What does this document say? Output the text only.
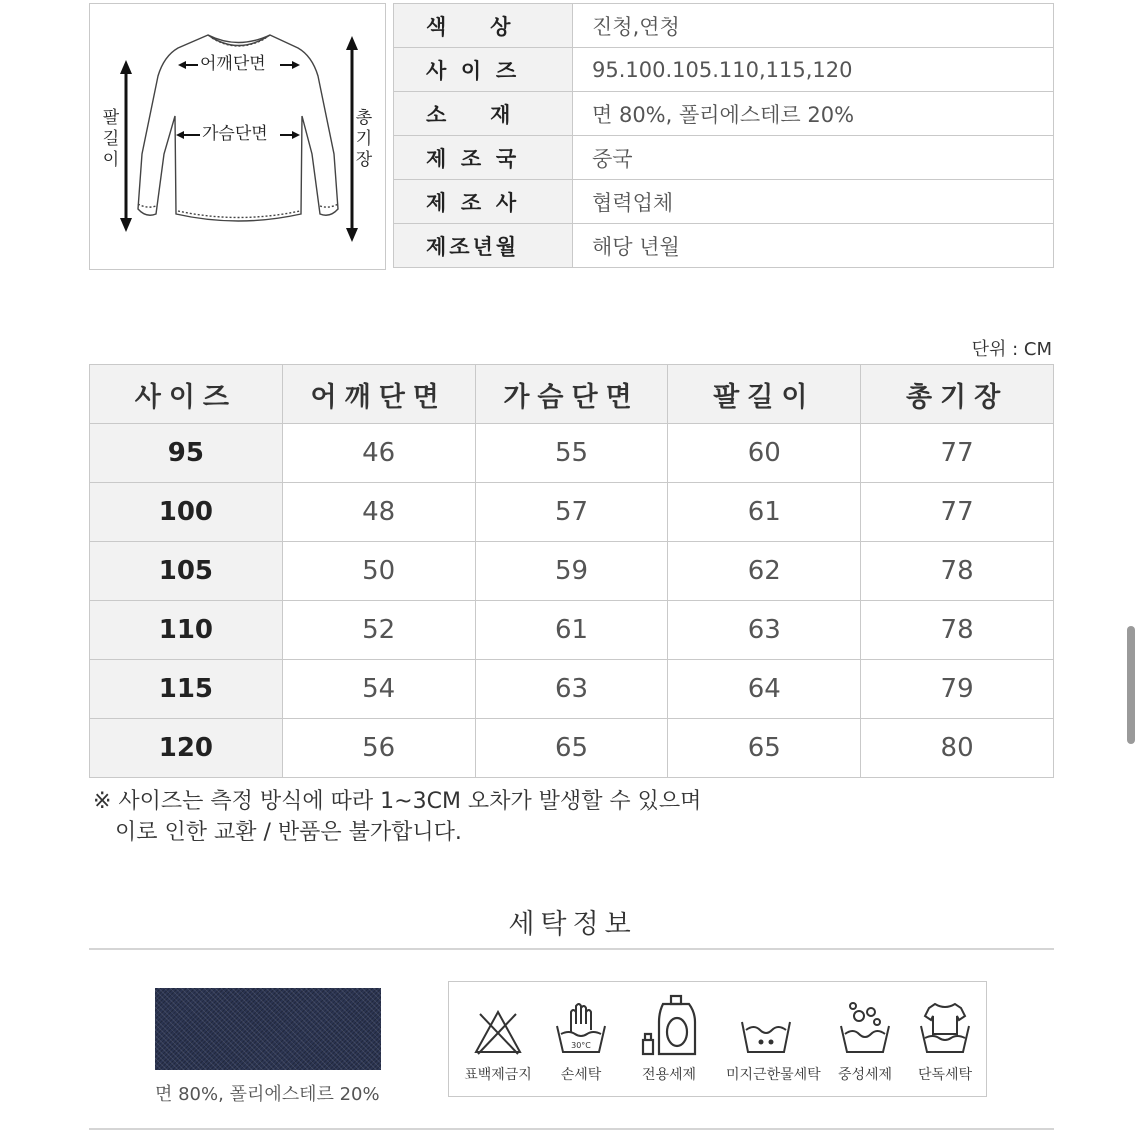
어깨단면
가슴단면
팔길이
총기장
색      상	진청,연청
사  이  즈	95.100.105.110,115,120
소      재	면 80%, 폴리에스테르 20%
제  조  국	중국
제  조  사	협력업체
제조년월	해당 년월
단위 : CM
사이즈	어깨단면	가슴단면	팔길이	총기장
95	46	55	60	77
100	48	57	61	77
105	50	59	62	78
110	52	61	63	78
115	54	63	64	79
120	56	65	65	80
※ 사이즈는 측정 방식에 따라 1~3CM 오차가 발생할 수 있으며
이로 인한 교환 / 반품은 불가합니다.
세탁정보
면 80%, 폴리에스테르 20%
표백제금지
30°C
손세탁	전용세제	미지근한물세탁	중성세제	단독세탁
